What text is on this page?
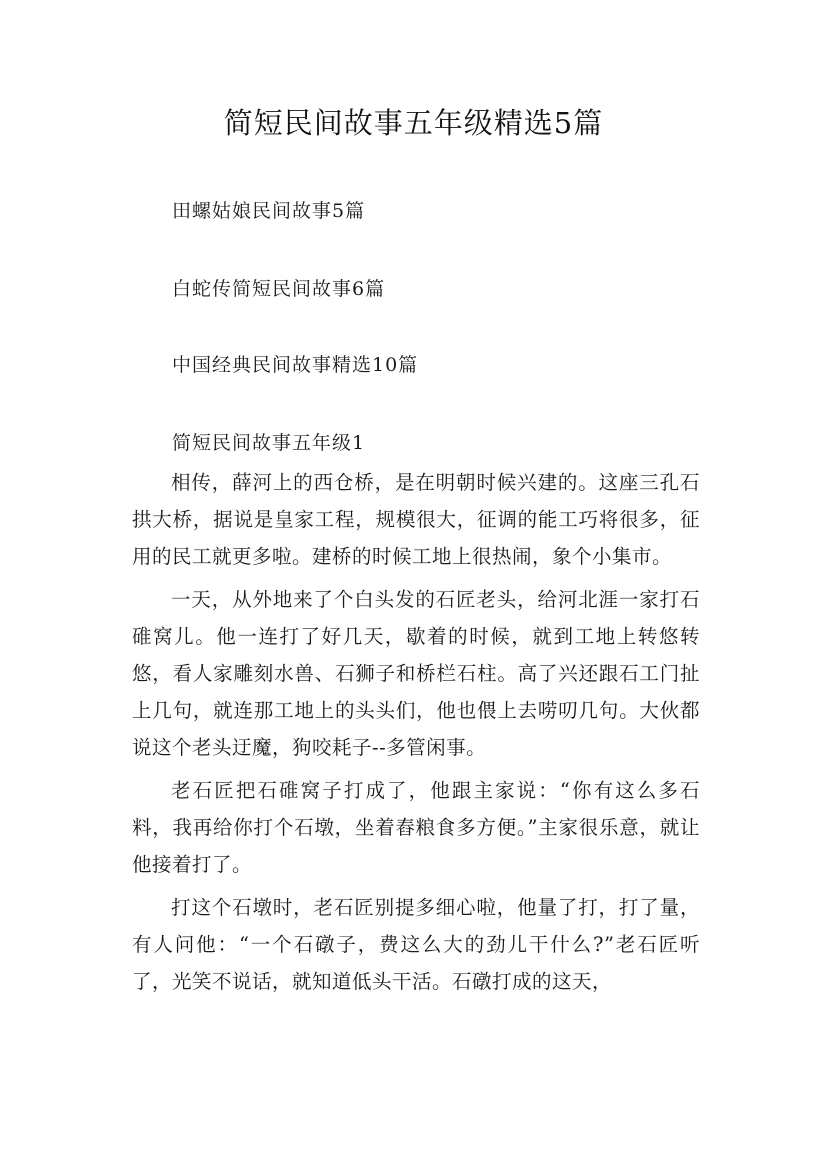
简短民间故事五年级精选5篇

田螺姑娘民间故事5篇

白蛇传简短民间故事6篇

中国经典民间故事精选10篇

简短民间故事五年级1

相传，薛河上的西仓桥，是在明朝时候兴建的。这座三孔石拱大桥，据说是皇家工程，规模很大，征调的能工巧将很多，征用的民工就更多啦。建桥的时候工地上很热闹，象个小集市。

一天，从外地来了个白头发的石匠老头，给河北涯一家打石碓窝儿。他一连打了好几天，歇着的时候，就到工地上转悠转悠，看人家雕刻水兽、石狮子和桥栏石柱。高了兴还跟石工门扯上几句，就连那工地上的头头们，他也偎上去唠叨几句。大伙都说这个老头迂魔，狗咬耗子--多管闲事。

老石匠把石碓窝子打成了，他跟主家说：“你有这么多石料，我再给你打个石墩，坐着舂粮食多方便。”主家很乐意，就让他接着打了。

打这个石墩时，老石匠别提多细心啦，他量了打，打了量，有人问他：“一个石礅子，费这么大的劲儿干什么?”老石匠听了，光笑不说话，就知道低头干活。石礅打成的这天，
